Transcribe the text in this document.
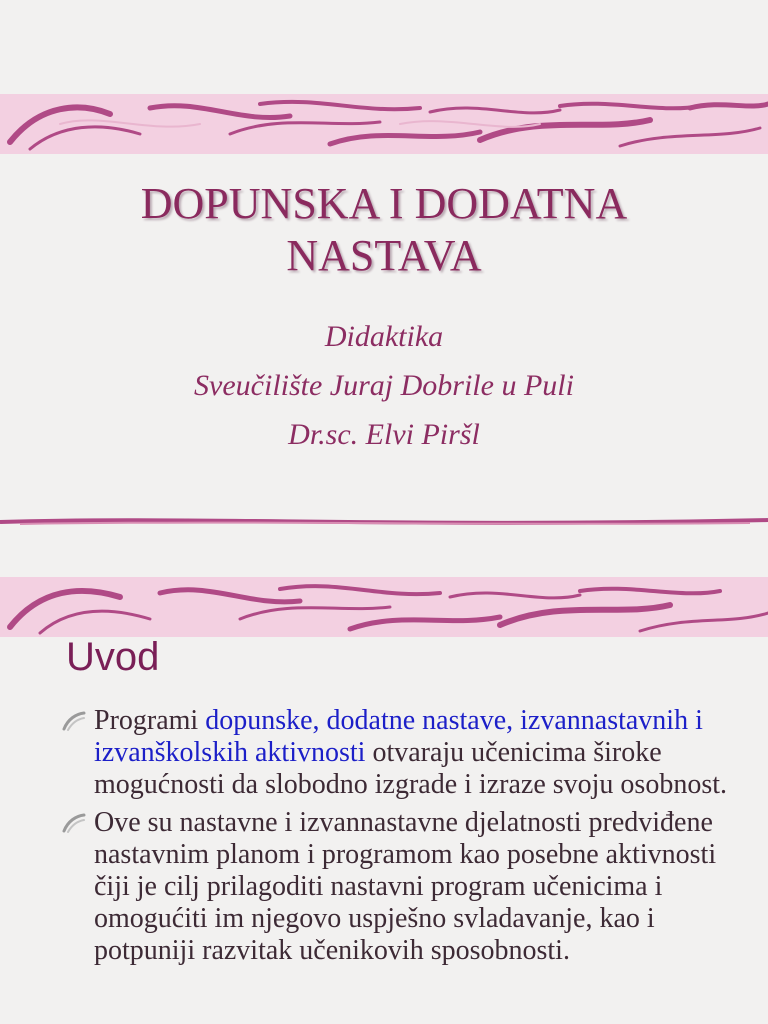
DOPUNSKA I DODATNA
NASTAVA
Didaktika
Sveučilište Juraj Dobrile u Puli
Dr.sc. Elvi Piršl
Uvod
Programi dopunske, dodatne nastave, izvannastavnih i izvanškolskih aktivnosti otvaraju učenicima široke mogućnosti da slobodno izgrade i izraze svoju osobnost.
Ove su nastavne i izvannastavne djelatnosti predviđene nastavnim planom i programom kao posebne aktivnosti čiji je cilj prilagoditi nastavni program učenicima i omogućiti im njegovo uspješno svladavanje, kao i potpuniji razvitak učenikovih sposobnosti.
